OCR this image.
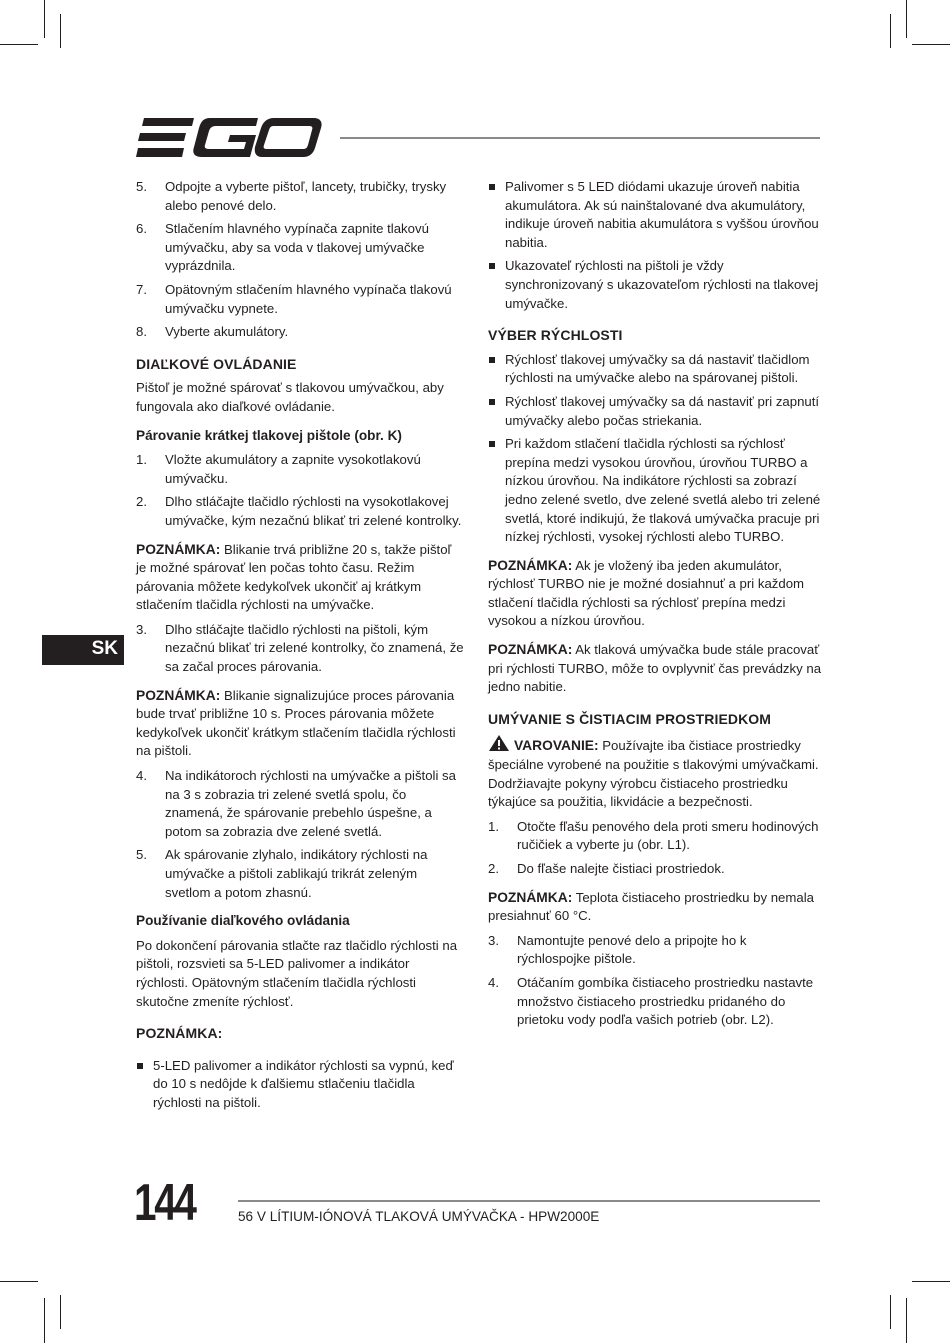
SK
5.	Odpojte a vyberte pištoľ, lancety, trubičky, trysky alebo penové delo.
6.	Stlačením hlavného vypínača zapnite tlakovú umývačku, aby sa voda v tlakovej umývačke vyprázdnila.
7.	Opätovným stlačením hlavného vypínača tlakovú umývačku vypnete.
8.	Vyberte akumulátory.
DIAĽKOVÉ OVLÁDANIE
Pištoľ je možné spárovať s tlakovou umývačkou, aby fungovala ako diaľkové ovládanie.
Párovanie krátkej tlakovej pištole (obr. K)
1.	Vložte akumulátory a zapnite vysokotlakovú umývačku.
2.	Dlho stláčajte tlačidlo rýchlosti na vysokotlakovej umývačke, kým nezačnú blikať tri zelené kontrolky.
POZNÁMKA: Blikanie trvá približne 20 s, takže pištoľ je možné spárovať len počas tohto času. Režim párovania môžete kedykoľvek ukončiť aj krátkym stlačením tlačidla rýchlosti na umývačke.
3.	Dlho stláčajte tlačidlo rýchlosti na pištoli, kým nezačnú blikať tri zelené kontrolky, čo znamená, že sa začal proces párovania.
POZNÁMKA: Blikanie signalizujúce proces párovania bude trvať približne 10 s. Proces párovania môžete kedykoľvek ukončiť krátkym stlačením tlačidla rýchlosti na pištoli.
4.	Na indikátoroch rýchlosti na umývačke a pištoli sa na 3 s zobrazia tri zelené svetlá spolu, čo znamená, že spárovanie prebehlo úspešne, a potom sa zobrazia dve zelené svetlá.
5.	Ak spárovanie zlyhalo, indikátory rýchlosti na umývačke a pištoli zablikajú trikrát zeleným svetlom a potom zhasnú.
Používanie diaľkového ovládania
Po dokončení párovania stlačte raz tlačidlo rýchlosti na pištoli, rozsvieti sa 5-LED palivomer a indikátor rýchlosti. Opätovným stlačením tlačidla rýchlosti skutočne zmeníte rýchlosť.
POZNÁMKA:
5-LED palivomer a indikátor rýchlosti sa vypnú, keď do 10 s nedôjde k ďalšiemu stlačeniu tlačidla rýchlosti na pištoli.
Palivomer s 5 LED diódami ukazuje úroveň nabitia akumulátora. Ak sú nainštalované dva akumulátory, indikuje úroveň nabitia akumulátora s vyššou úrovňou nabitia.
Ukazovateľ rýchlosti na pištoli je vždy synchronizovaný s ukazovateľom rýchlosti na tlakovej umývačke.
VÝBER RÝCHLOSTI
Rýchlosť tlakovej umývačky sa dá nastaviť tlačidlom rýchlosti na umývačke alebo na spárovanej pištoli.
Rýchlosť tlakovej umývačky sa dá nastaviť pri zapnutí umývačky alebo počas striekania.
Pri každom stlačení tlačidla rýchlosti sa rýchlosť prepína medzi vysokou úrovňou, úrovňou TURBO a nízkou úrovňou. Na indikátore rýchlosti sa zobrazí jedno zelené svetlo, dve zelené svetlá alebo tri zelené svetlá, ktoré indikujú, že tlaková umývačka pracuje pri nízkej rýchlosti, vysokej rýchlosti alebo TURBO.
POZNÁMKA: Ak je vložený iba jeden akumulátor, rýchlosť TURBO nie je možné dosiahnuť a pri každom stlačení tlačidla rýchlosti sa rýchlosť prepína medzi vysokou a nízkou úrovňou.
POZNÁMKA: Ak tlaková umývačka bude stále pracovať pri rýchlosti TURBO, môže to ovplyvniť čas prevádzky na jedno nabitie.
UMÝVANIE S ČISTIACIM PROSTRIEDKOM
VAROVANIE: Používajte iba čistiace prostriedky špeciálne vyrobené na použitie s tlakovými umývačkami. Dodržiavajte pokyny výrobcu čistiaceho prostriedku týkajúce sa použitia, likvidácie a bezpečnosti.
1.	Otočte fľašu penového dela proti smeru hodinových ručičiek a vyberte ju (obr. L1).
2.	Do fľaše nalejte čistiaci prostriedok.
POZNÁMKA: Teplota čistiaceho prostriedku by nemala presiahnuť 60 °C.
3.	Namontujte penové delo a pripojte ho k rýchlospojke pištole.
4.	Otáčaním gombíka čistiaceho prostriedku nastavte množstvo čistiaceho prostriedku pridaného do prietoku vody podľa vašich potrieb (obr. L2).
144	56 V LÍTIUM-IÓNOVÁ TLAKOVÁ UMÝVAČKA - HPW2000E
